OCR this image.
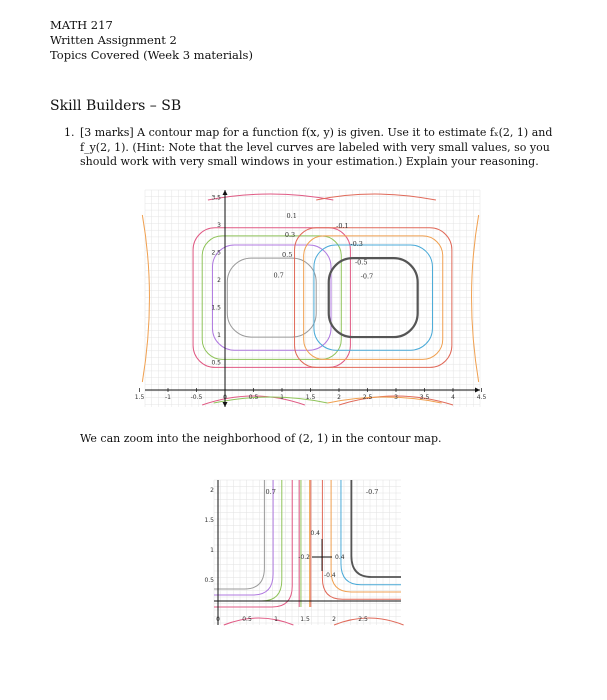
MATH 217
Written Assignment 2
Topics Covered (Week 3 materials)
Skill Builders – SB
1. [3 marks] A contour map for a function f(x, y) is given. Use it to estimate fₓ(2, 1) and f_y(2, 1). (Hint: Note that the level curves are labeled with very small values, so you should work with very small windows in your estimation.) Explain your reasoning.
1.5	-1	-0.5	0	0.5	1	1.5	2	2.5	3	3.5	4	4.5
3.5
3
2.5
2
1.5
1
0.5
0.1
0.3
0.5
0.7
-0.1
-0.3
-0.5
-0.7
We can zoom into the neighborhood of (2, 1) in the contour map.
0	0.5	1	1.5	2	2.5
2
1.5
1
0.5
0.7	-0.7
0.4
-0.2	0.4
-0.4
